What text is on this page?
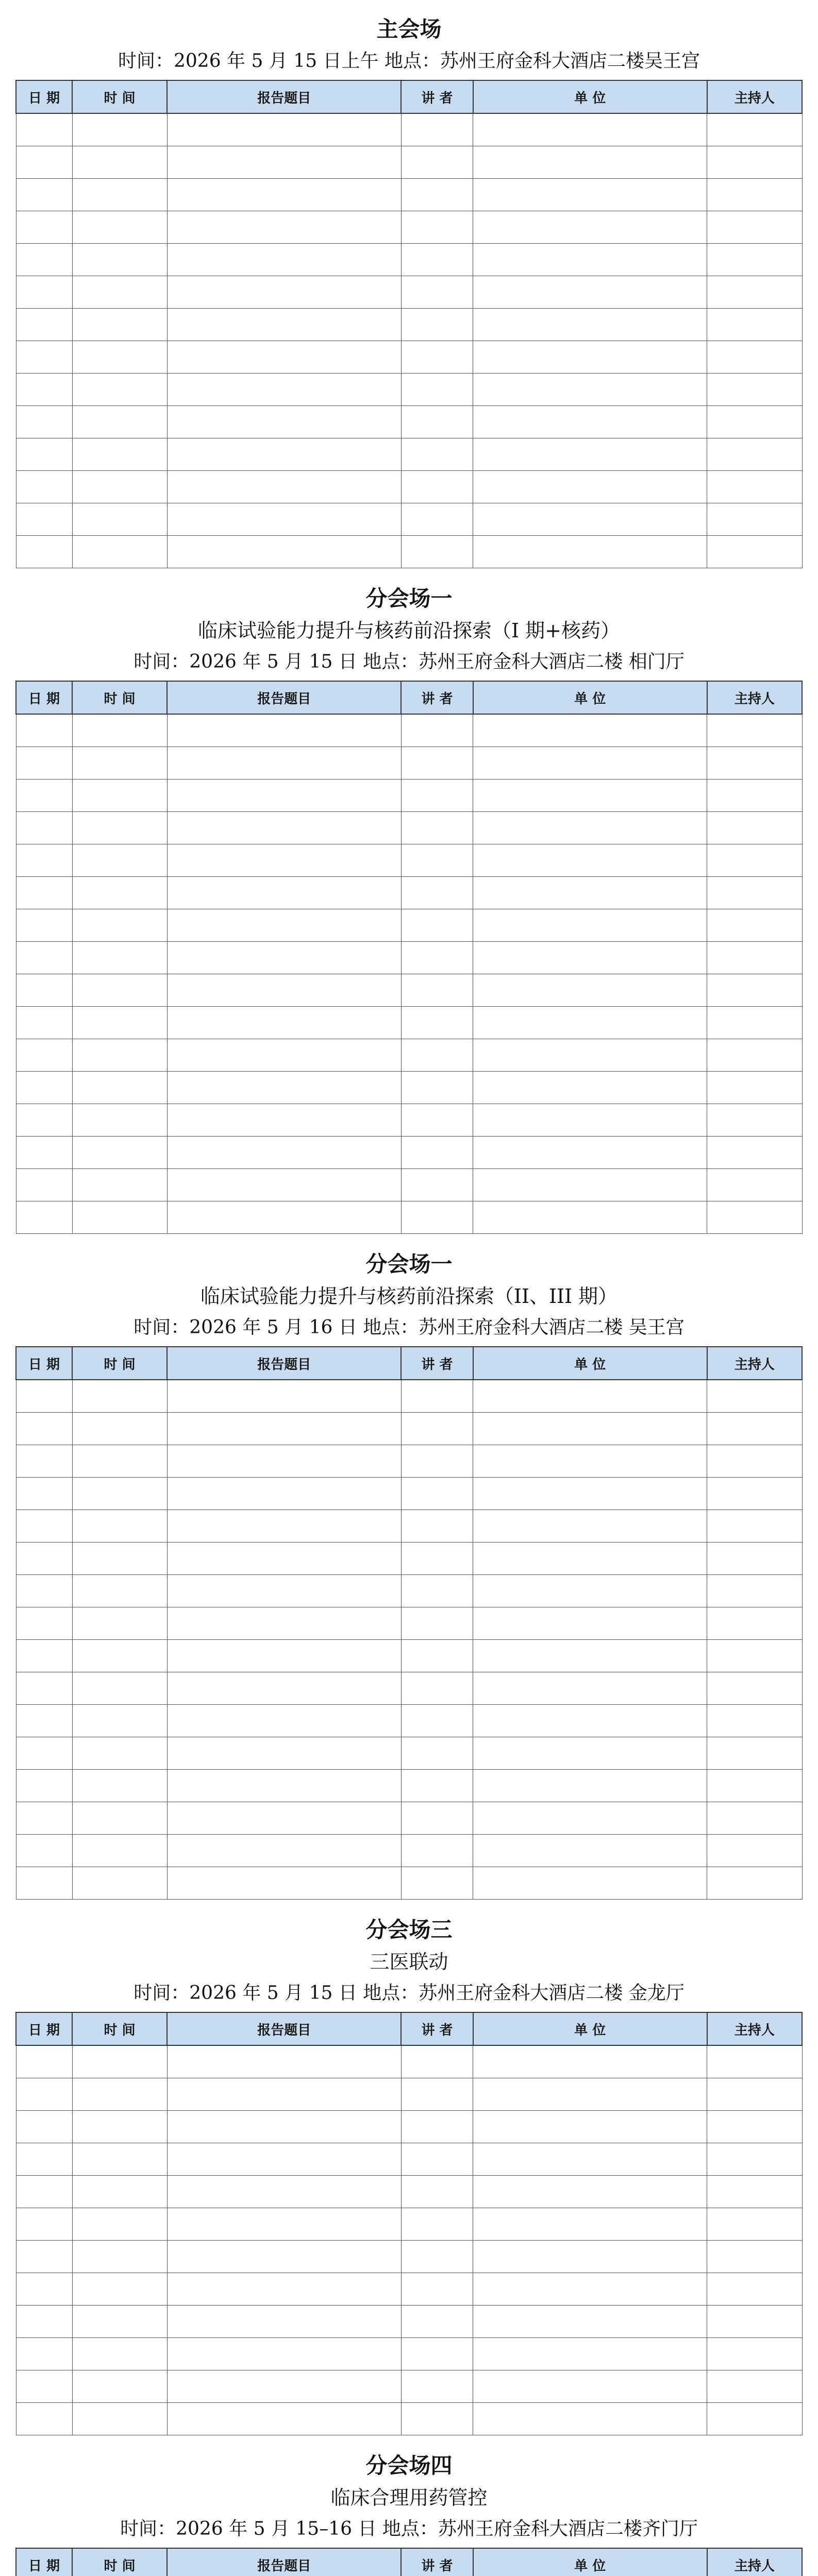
主会场
时间：2026 年 5 月 15 日上午 地点：苏州王府金科大酒店二楼吴王宫
日 期	时 间	报告题目	讲 者	单 位	主持人

分会场一
临床试验能力提升与核药前沿探索（I 期+核药）
时间：2026 年 5 月 15 日 地点：苏州王府金科大酒店二楼 相门厅
日 期	时 间	报告题目	讲 者	单 位	主持人

分会场一
临床试验能力提升与核药前沿探索（II、III 期）
时间：2026 年 5 月 16 日 地点：苏州王府金科大酒店二楼 吴王宫
日 期	时 间	报告题目	讲 者	单 位	主持人

分会场三
三医联动
时间：2026 年 5 月 15 日 地点：苏州王府金科大酒店二楼 金龙厅
日 期	时 间	报告题目	讲 者	单 位	主持人

分会场四
临床合理用药管控
时间：2026 年 5 月 15–16 日 地点：苏州王府金科大酒店二楼齐门厅
日 期	时 间	报告题目	讲 者	单 位	主持人
